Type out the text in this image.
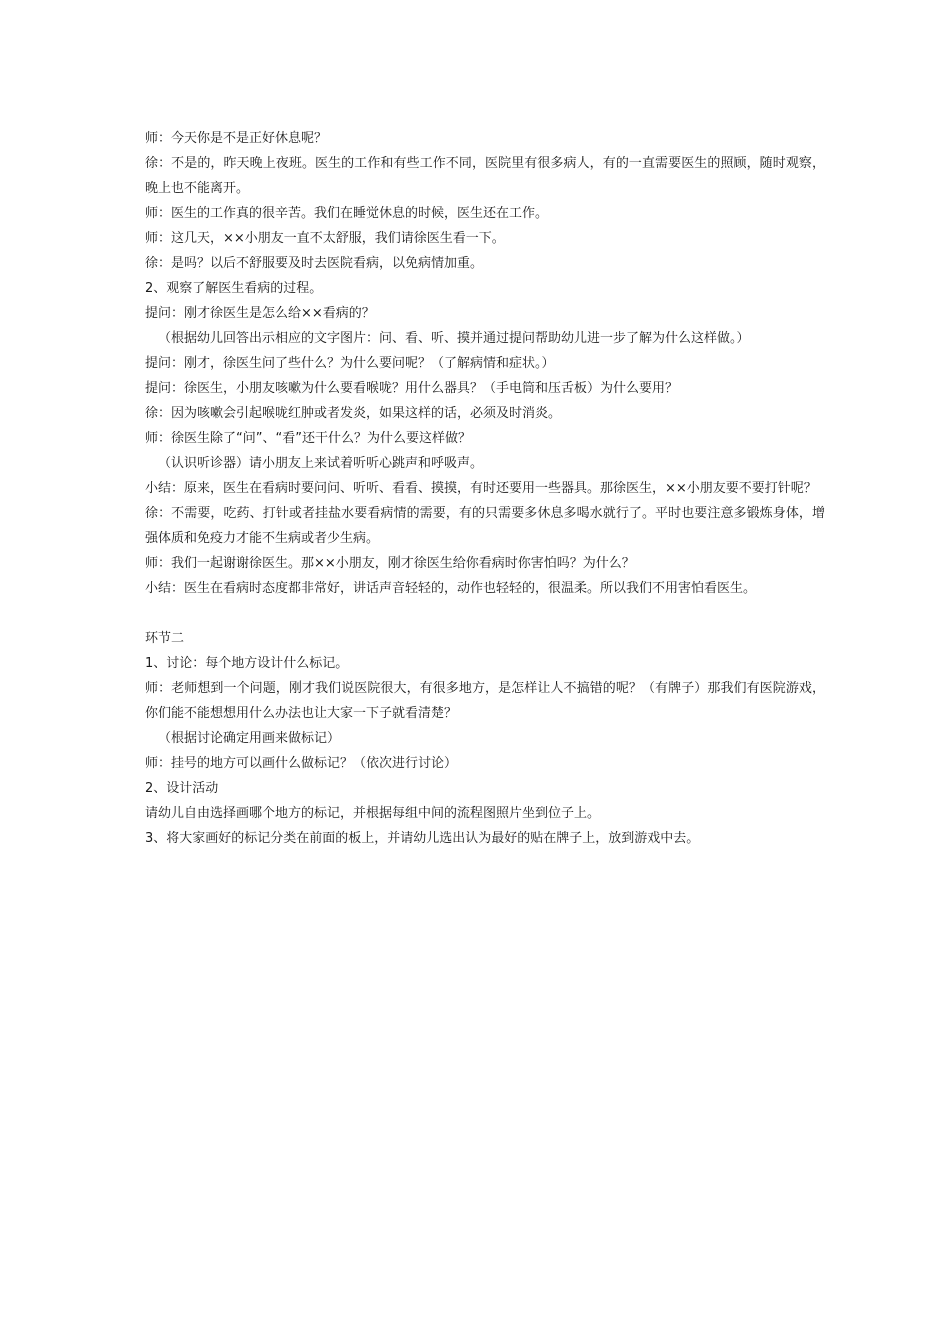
师：今天你是不是正好休息呢？

徐：不是的，昨天晚上夜班。医生的工作和有些工作不同，医院里有很多病人，有的一直需要医生的照顾，随时观察，晚上也不能离开。

师：医生的工作真的很辛苦。我们在睡觉休息的时候，医生还在工作。

师：这几天，××小朋友一直不太舒服，我们请徐医生看一下。

徐：是吗？以后不舒服要及时去医院看病，以免病情加重。

2、观察了解医生看病的过程。

提问：刚才徐医生是怎么给××看病的？

（根据幼儿回答出示相应的文字图片：问、看、听、摸并通过提问帮助幼儿进一步了解为什么这样做。）

提问：刚才，徐医生问了些什么？为什么要问呢？（了解病情和症状。）

提问：徐医生，小朋友咳嗽为什么要看喉咙？用什么器具？（手电筒和压舌板）为什么要用？

徐：因为咳嗽会引起喉咙红肿或者发炎，如果这样的话，必须及时消炎。

师：徐医生除了“问”、“看”还干什么？为什么要这样做？

（认识听诊器）请小朋友上来试着听听心跳声和呼吸声。

小结：原来，医生在看病时要问问、听听、看看、摸摸，有时还要用一些器具。那徐医生，××小朋友要不要打针呢？

徐：不需要，吃药、打针或者挂盐水要看病情的需要，有的只需要多休息多喝水就行了。平时也要注意多锻炼身体，增强体质和免疫力才能不生病或者少生病。

师：我们一起谢谢徐医生。那××小朋友，刚才徐医生给你看病时你害怕吗？为什么？

小结：医生在看病时态度都非常好，讲话声音轻轻的，动作也轻轻的，很温柔。所以我们不用害怕看医生。

环节二

1、讨论：每个地方设计什么标记。

师：老师想到一个问题，刚才我们说医院很大，有很多地方，是怎样让人不搞错的呢？（有牌子）那我们有医院游戏，你们能不能想想用什么办法也让大家一下子就看清楚？

（根据讨论确定用画来做标记）

师：挂号的地方可以画什么做标记？（依次进行讨论）

2、设计活动

请幼儿自由选择画哪个地方的标记，并根据每组中间的流程图照片坐到位子上。

3、将大家画好的标记分类在前面的板上，并请幼儿选出认为最好的贴在牌子上，放到游戏中去。
